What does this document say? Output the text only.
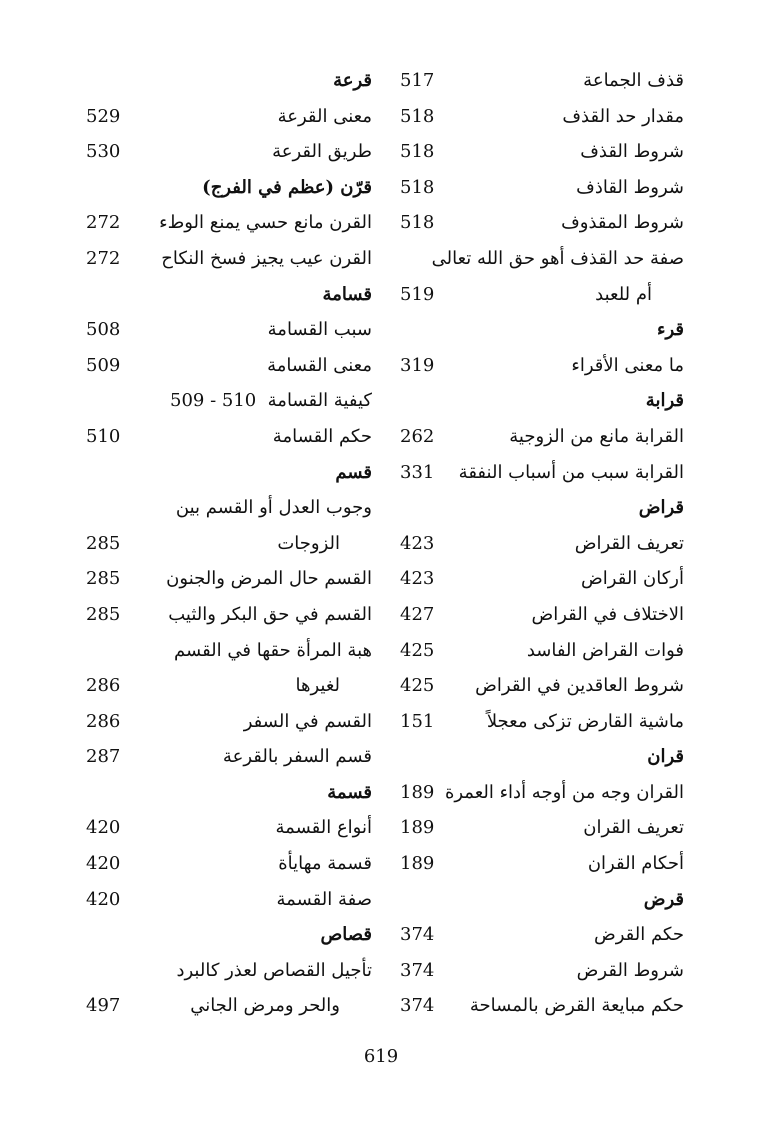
قذف الجماعة
517
مقدار حد القذف
518
شروط القذف
518
شروط القاذف
518
شروط المقذوف
518
صفة حد القذف أهو حق الله تعالى
أم للعبد
519
قرء
ما معنى الأقراء
319
قرابة
القرابة مانع من الزوجية
262
القرابة سبب من أسباب النفقة
331
قراض
تعريف القراض
423
أركان القراض
423
الاختلاف في القراض
427
فوات القراض الفاسد
425
شروط العاقدين في القراض
425
ماشية القارض تزكى معجلاً
151
قران
القران وجه من أوجه أداء العمرة
189
تعريف القران
189
أحكام القران
189
قرض
حكم القرض
374
شروط القرض
374
حكم مبايعة القرض بالمساحة
374
قرعة
معنى القرعة
529
طريق القرعة
530
قرّن (عظم في الفرج)
القرن مانع حسي يمنع الوطء
272
القرن عيب يجيز فسخ النكاح
272
قسامة
سبب القسامة
508
معنى القسامة
509
كيفية القسامة
509 - 510
حكم القسامة
510
قسم
وجوب العدل أو القسم بين
الزوجات
285
القسم حال المرض والجنون
285
القسم في حق البكر والثيب
285
هبة المرأة حقها في القسم
لغيرها
286
القسم في السفر
286
قسم السفر بالقرعة
287
قسمة
أنواع القسمة
420
قسمة مهايأة
420
صفة القسمة
420
قصاص
تأجيل القصاص لعذر كالبرد
والحر ومرض الجاني
497
619
